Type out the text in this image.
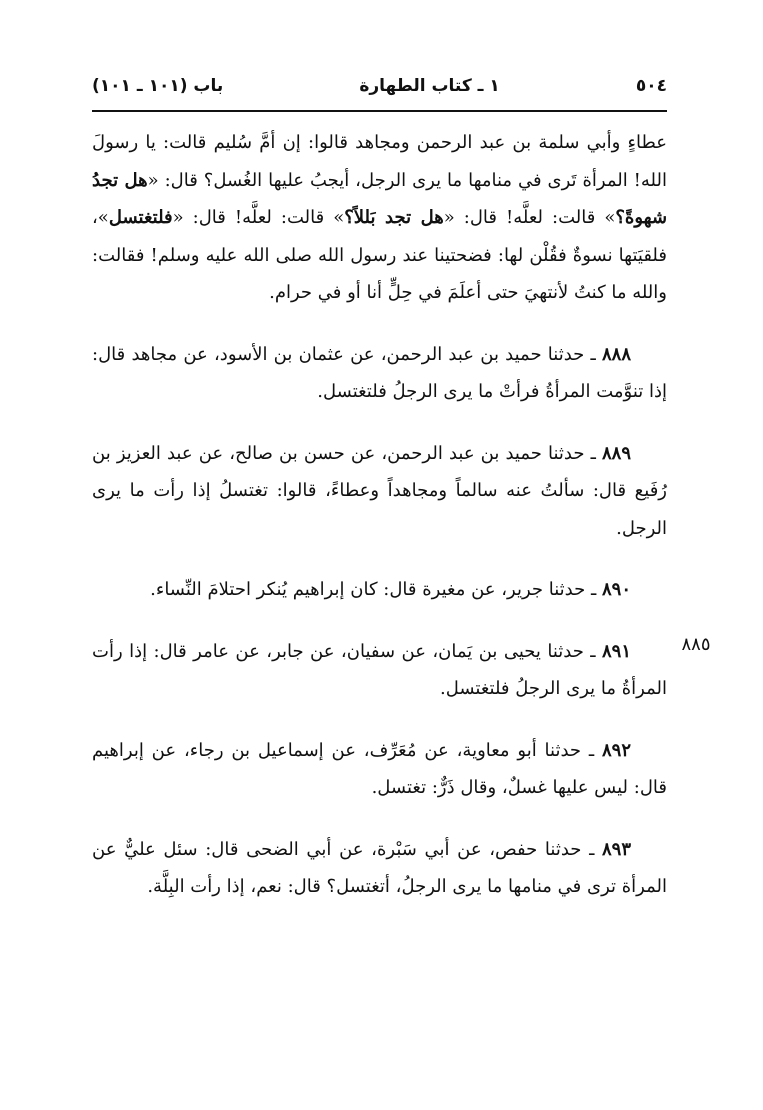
٥٠٤
١ ـ كتاب الطهارة
باب (١٠١ ـ ١٠١)
٨٨٥

عطاءٍ وأبي سلمة بن عبد الرحمن ومجاهد قالوا: إن أمَّ سُليم قالت: يا رسولَ الله! المرأة تَرى في منامها ما يرى الرجل، أيجبُ عليها الغُسل؟ قال: «هل تجدُ شهوةً؟» قالت: لعلَّه! قال: «هل تجد بَللاً؟» قالت: لعلَّه! قال: «فلتغتسل»، فلقيَتها نسوةٌ فقُلْن لها: فضحتينا عند رسول الله صلى الله عليه وسلم! فقالت: والله ما كنتُ لأنتهيَ حتى أعلَمَ في حِلٍّ أنا أو في حرام.

  ٨٨٨ ـ حدثنا حميد بن عبد الرحمن، عن عثمان بن الأسود، عن مجاهد قال: إذا تنوَّمت المرأةُ فرأتْ ما يرى الرجلُ فلتغتسل.

  ٨٨٩ ـ حدثنا حميد بن عبد الرحمن، عن حسن بن صالح، عن عبد العزيز بن رُفَيع قال: سألتُ عنه سالماً ومجاهداً وعطاءً، قالوا: تغتسلُ إذا رأت ما يرى الرجل.

  ٨٩٠ ـ حدثنا جرير، عن مغيرة قال: كان إبراهيم يُنكر احتلامَ النِّساء.

  ٨٩١ ـ حدثنا يحيى بن يَمان، عن سفيان، عن جابر، عن عامر قال: إذا رأت المرأةُ ما يرى الرجلُ فلتغتسل.

  ٨٩٢ ـ حدثنا أبو معاوية، عن مُعَرِّف، عن إسماعيل بن رجاء، عن إبراهيم قال: ليس عليها غسلٌ، وقال ذَرٌّ: تغتسل.

  ٨٩٣ ـ حدثنا حفص، عن أبي سَبْرة، عن أبي الضحى قال: سئل عليٌّ عن المرأة ترى في منامها ما يرى الرجلُ، أتغتسل؟ قال: نعم، إذا رأت البِلَّة.
